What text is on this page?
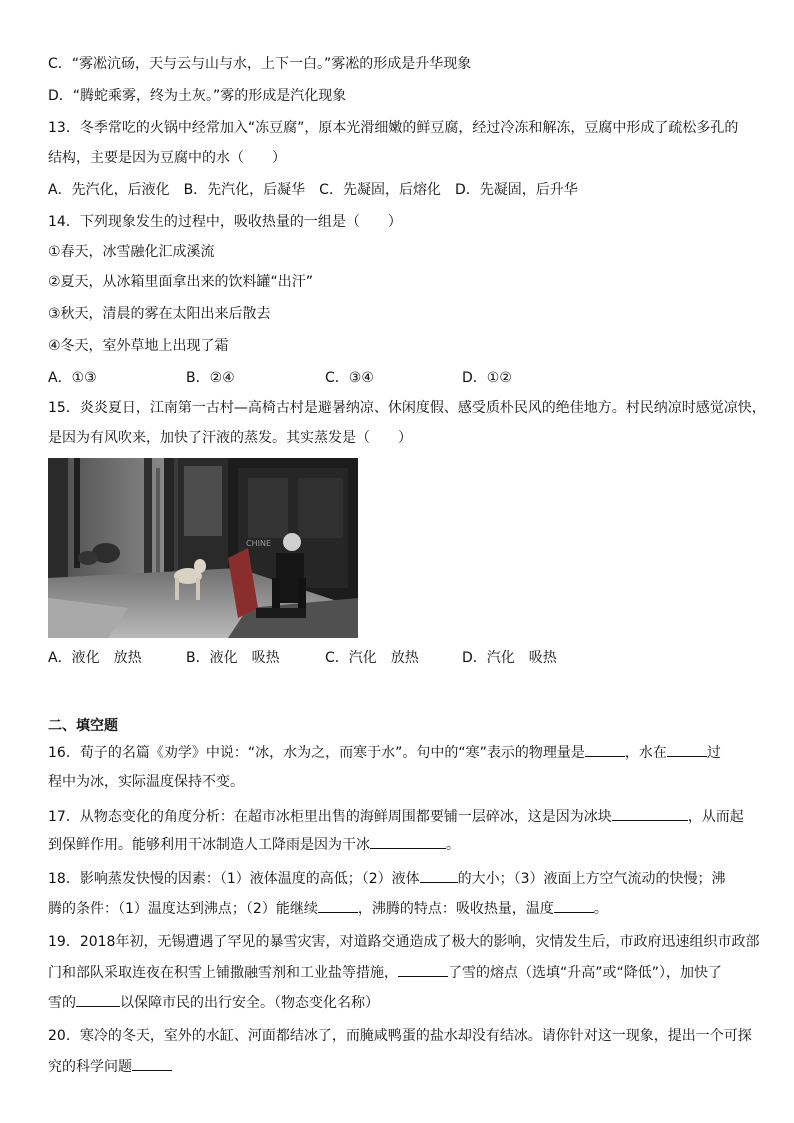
C．“雾凇沆砀，天与云与山与水，上下一白。”雾凇的形成是升华现象
D．“腾蛇乘雾，终为土灰。”雾的形成是汽化现象
13．冬季常吃的火锅中经常加入“冻豆腐”，原本光滑细嫩的鲜豆腐，经过冷冻和解冻，豆腐中形成了疏松多孔的
结构，主要是因为豆腐中的水（　　）
A．先汽化，后液化　B．先汽化，后凝华　C．先凝固，后熔化　D．先凝固，后升华
14．下列现象发生的过程中，吸收热量的一组是（　　）
①春天，冰雪融化汇成溪流
②夏天，从冰箱里面拿出来的饮料罐“出汗”
③秋天，清晨的雾在太阳出来后散去
④冬天，室外草地上出现了霜
A．①③	B．②④	C．③④	D．①②
15．炎炎夏日，江南第一古村—高椅古村是避暑纳凉、休闲度假、感受质朴民风的绝佳地方。村民纳凉时感觉凉快，
是因为有风吹来，加快了汗液的蒸发。其实蒸发是（　　）
CHINE
A．液化　放热	B．液化　吸热	C．汽化　放热	D．汽化　吸热
二、填空题
16．荀子的名篇《劝学》中说：“冰，水为之，而寒于水”。句中的“寒”表示的物理量是	，水在	过
程中为冰，实际温度保持不变。
17．从物态变化的角度分析：在超市冰柜里出售的海鲜周围都要铺一层碎冰，这是因为冰块	，从而起
到保鲜作用。能够利用干冰制造人工降雨是因为干冰	。
18．影响蒸发快慢的因素：（1）液体温度的高低；（2）液体	的大小；（3）液面上方空气流动的快慢；沸
腾的条件：（1）温度达到沸点；（2）能继续	，沸腾的特点：吸收热量，温度	。
19．2018年初，无锡遭遇了罕见的暴雪灾害，对道路交通造成了极大的影响，灾情发生后，市政府迅速组织市政部
门和部队采取连夜在积雪上铺撒融雪剂和工业盐等措施，	了雪的熔点（选填“升高”或“降低”），加快了
雪的	以保障市民的出行安全。（物态变化名称）
20．寒冷的冬天，室外的水缸、河面都结冰了，而腌咸鸭蛋的盐水却没有结冰。请你针对这一现象，提出一个可探
究的科学问题
